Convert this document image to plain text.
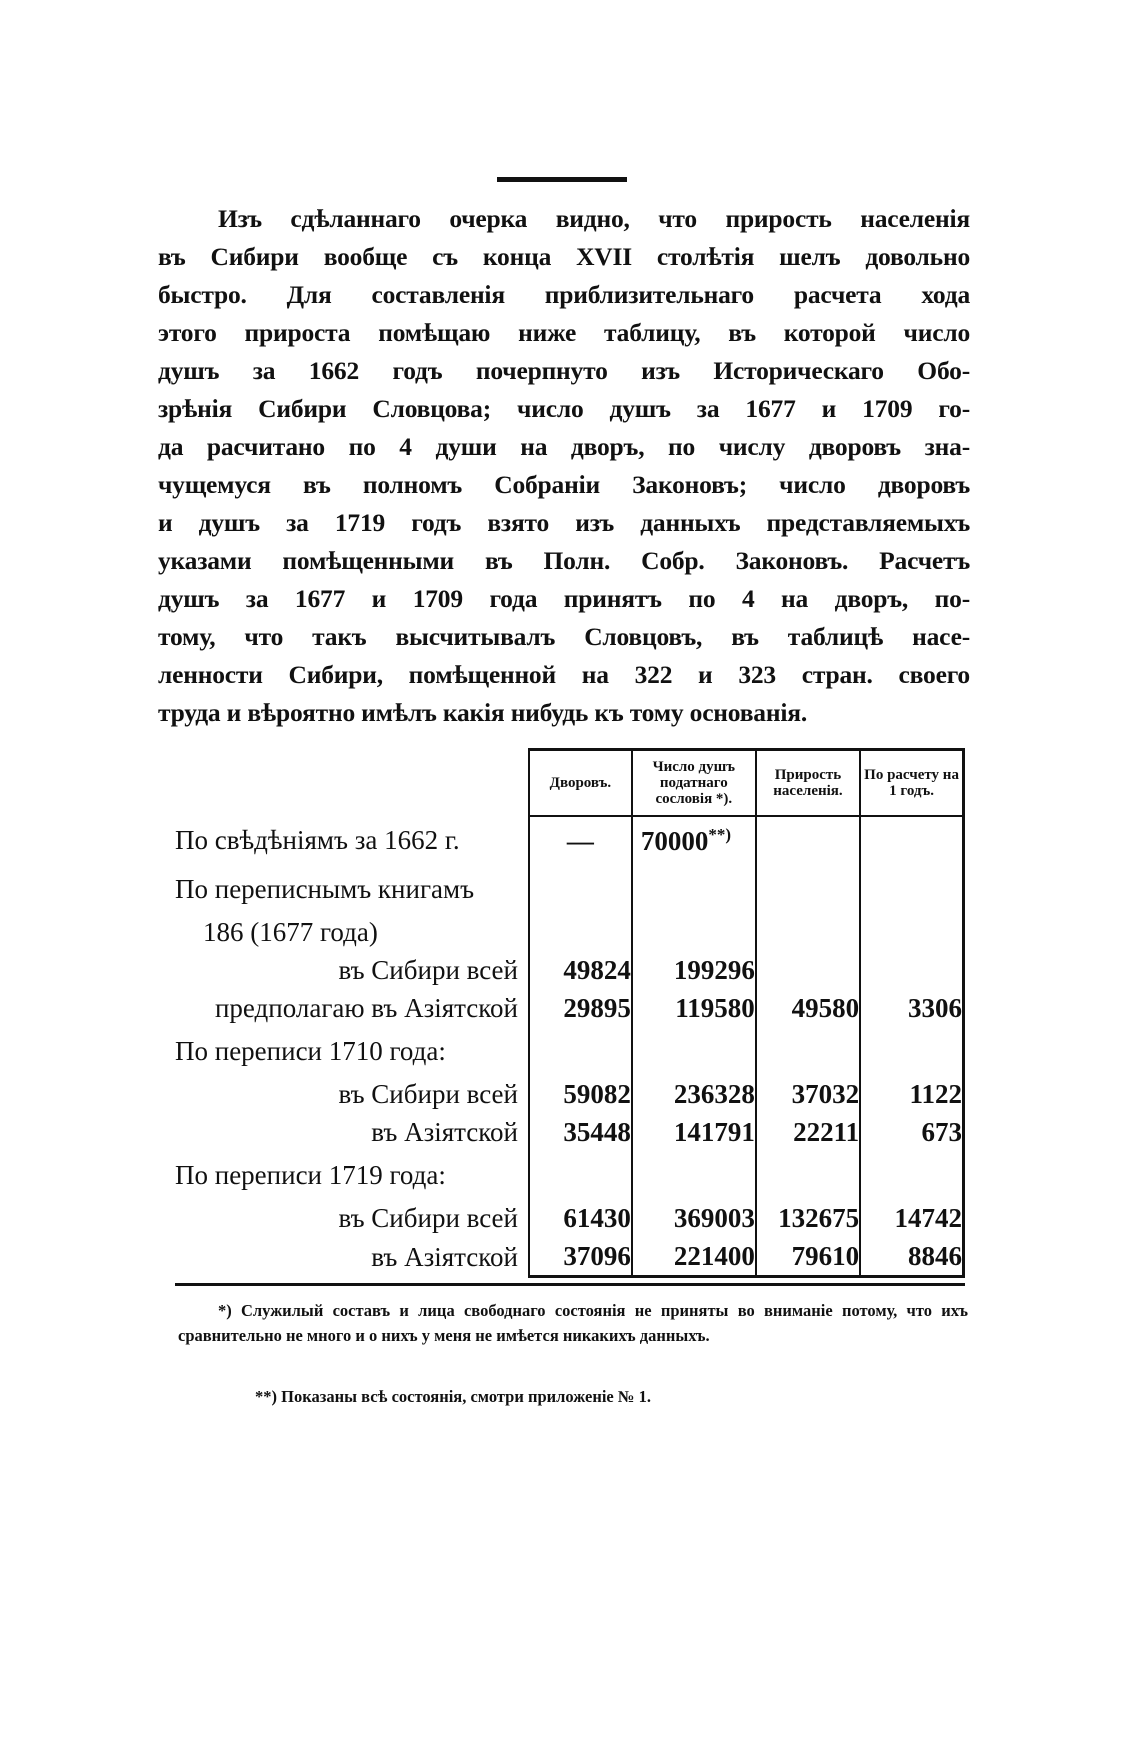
Изъ сдѣланнаго очерка видно, что прирость населенія
въ Сибири вообще съ конца XVII столѣтія шелъ довольно
быстро. Для составленія приблизительнаго расчета хода
этого прироста помѣщаю ниже таблицу, въ которой число
душъ за 1662 годъ почерпнуто изъ Историческаго Обо-
зрѣнія Сибири Словцова; число душъ за 1677 и 1709 го-
да расчитано по 4 души на дворъ, по числу дворовъ зна-
чущемуся въ полномъ Собраніи Законовъ; число дворовъ
и душъ за 1719 годъ взято изъ данныхъ представляемыхъ
указами помѣщенными въ Полн. Собр. Законовъ. Расчетъ
душъ за 1677 и 1709 года принятъ по 4 на дворъ, по-
тому, что такъ высчитывалъ Словцовъ, въ таблицѣ насе-
ленности Сибири, помѣщенной на 322 и 323 стран. своего
труда и вѣроятно имѣлъ какія нибудь къ тому основанія.
	Дворовъ.	Число душъ податнаго сословія *).	Прирость населенія.	По расчету на 1 годъ.
По свѣдѣніямъ за 1662 г.	—	70000**)		
По переписнымъ книгамъ				
186 (1677 года)				
въ Сибири всей	49824	199296		
предполагаю въ Азіятской	29895	119580	49580	3306
По переписи 1710 года:				
въ Сибири всей	59082	236328	37032	1122
въ Азіятской	35448	141791	22211	673
По переписи 1719 года:				
въ Сибири всей	61430	369003	132675	14742
въ Азіятской	37096	221400	79610	8846
*) Служилый составъ и лица свободнаго состоянія не приняты во вниманіе потому, что ихъ сравнительно не много и о нихъ у меня не имѣется никакихъ данныхъ.
**) Показаны всѣ состоянія, смотри приложеніе № 1.
